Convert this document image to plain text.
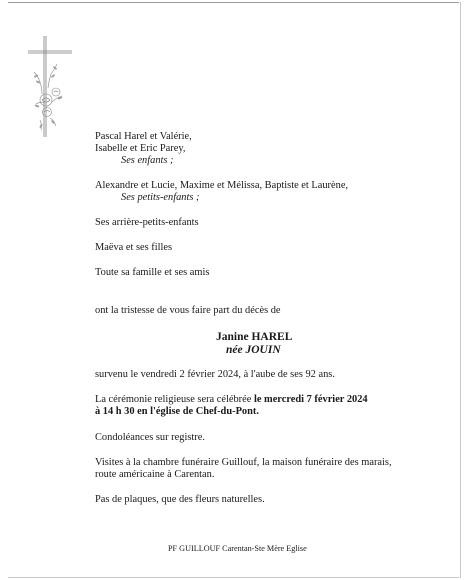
Pascal Harel et Valérie,
Isabelle et Eric Parey,
Ses enfants ;
Alexandre et Lucie, Maxime et Mélissa, Baptiste et Laurène,
Ses petits-enfants ;
Ses arrière-petits-enfants
Maëva et ses filles
Toute sa famille et ses amis
ont la tristesse de vous faire part du décès de
Janine HAREL
née JOUIN
survenu le vendredi 2 février 2024, à l'aube de ses 92 ans.
La cérémonie religieuse sera célébrée le mercredi 7 février 2024
à 14 h 30 en l'église de Chef-du-Pont.
Condoléances sur registre.
Visites à la chambre funéraire Guillouf, la maison funéraire des marais,
route américaine à Carentan.
Pas de plaques, que des fleurs naturelles.
PF GUILLOUF Carentan-Ste Mère Eglise
